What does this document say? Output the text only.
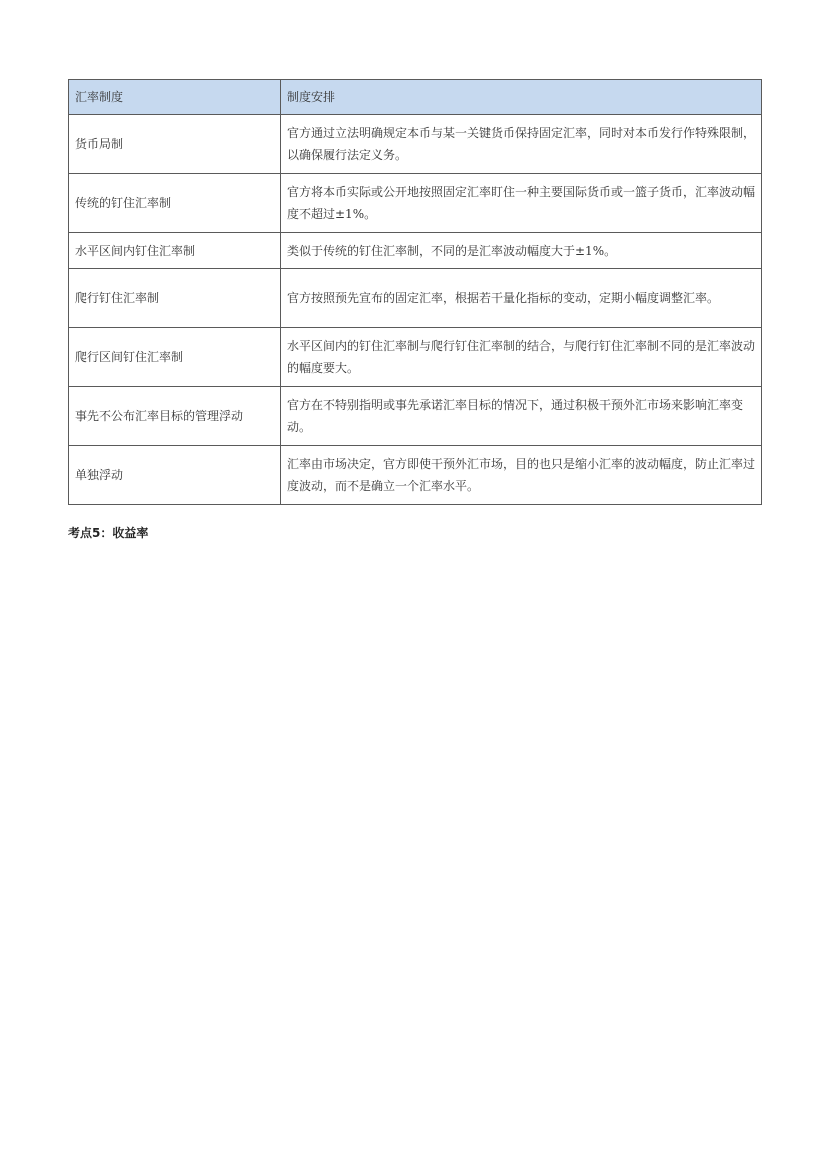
汇率制度	制度安排
货币局制	官方通过立法明确规定本币与某一关键货币保持固定汇率，同时对本币发行作特殊限制，以确保履行法定义务。
传统的钉住汇率制	官方将本币实际或公开地按照固定汇率盯住一种主要国际货币或一篮子货币，汇率波动幅度不超过±1%。
水平区间内钉住汇率制	类似于传统的钉住汇率制，不同的是汇率波动幅度大于±1%。
爬行钉住汇率制	官方按照预先宣布的固定汇率，根据若干量化指标的变动，定期小幅度调整汇率。
爬行区间钉住汇率制	水平区间内的钉住汇率制与爬行钉住汇率制的结合，与爬行钉住汇率制不同的是汇率波动的幅度要大。
事先不公布汇率目标的管理浮动	官方在不特别指明或事先承诺汇率目标的情况下，通过积极干预外汇市场来影响汇率变动。
单独浮动	汇率由市场决定，官方即使干预外汇市场，目的也只是缩小汇率的波动幅度，防止汇率过度波动，而不是确立一个汇率水平。

考点5：收益率
